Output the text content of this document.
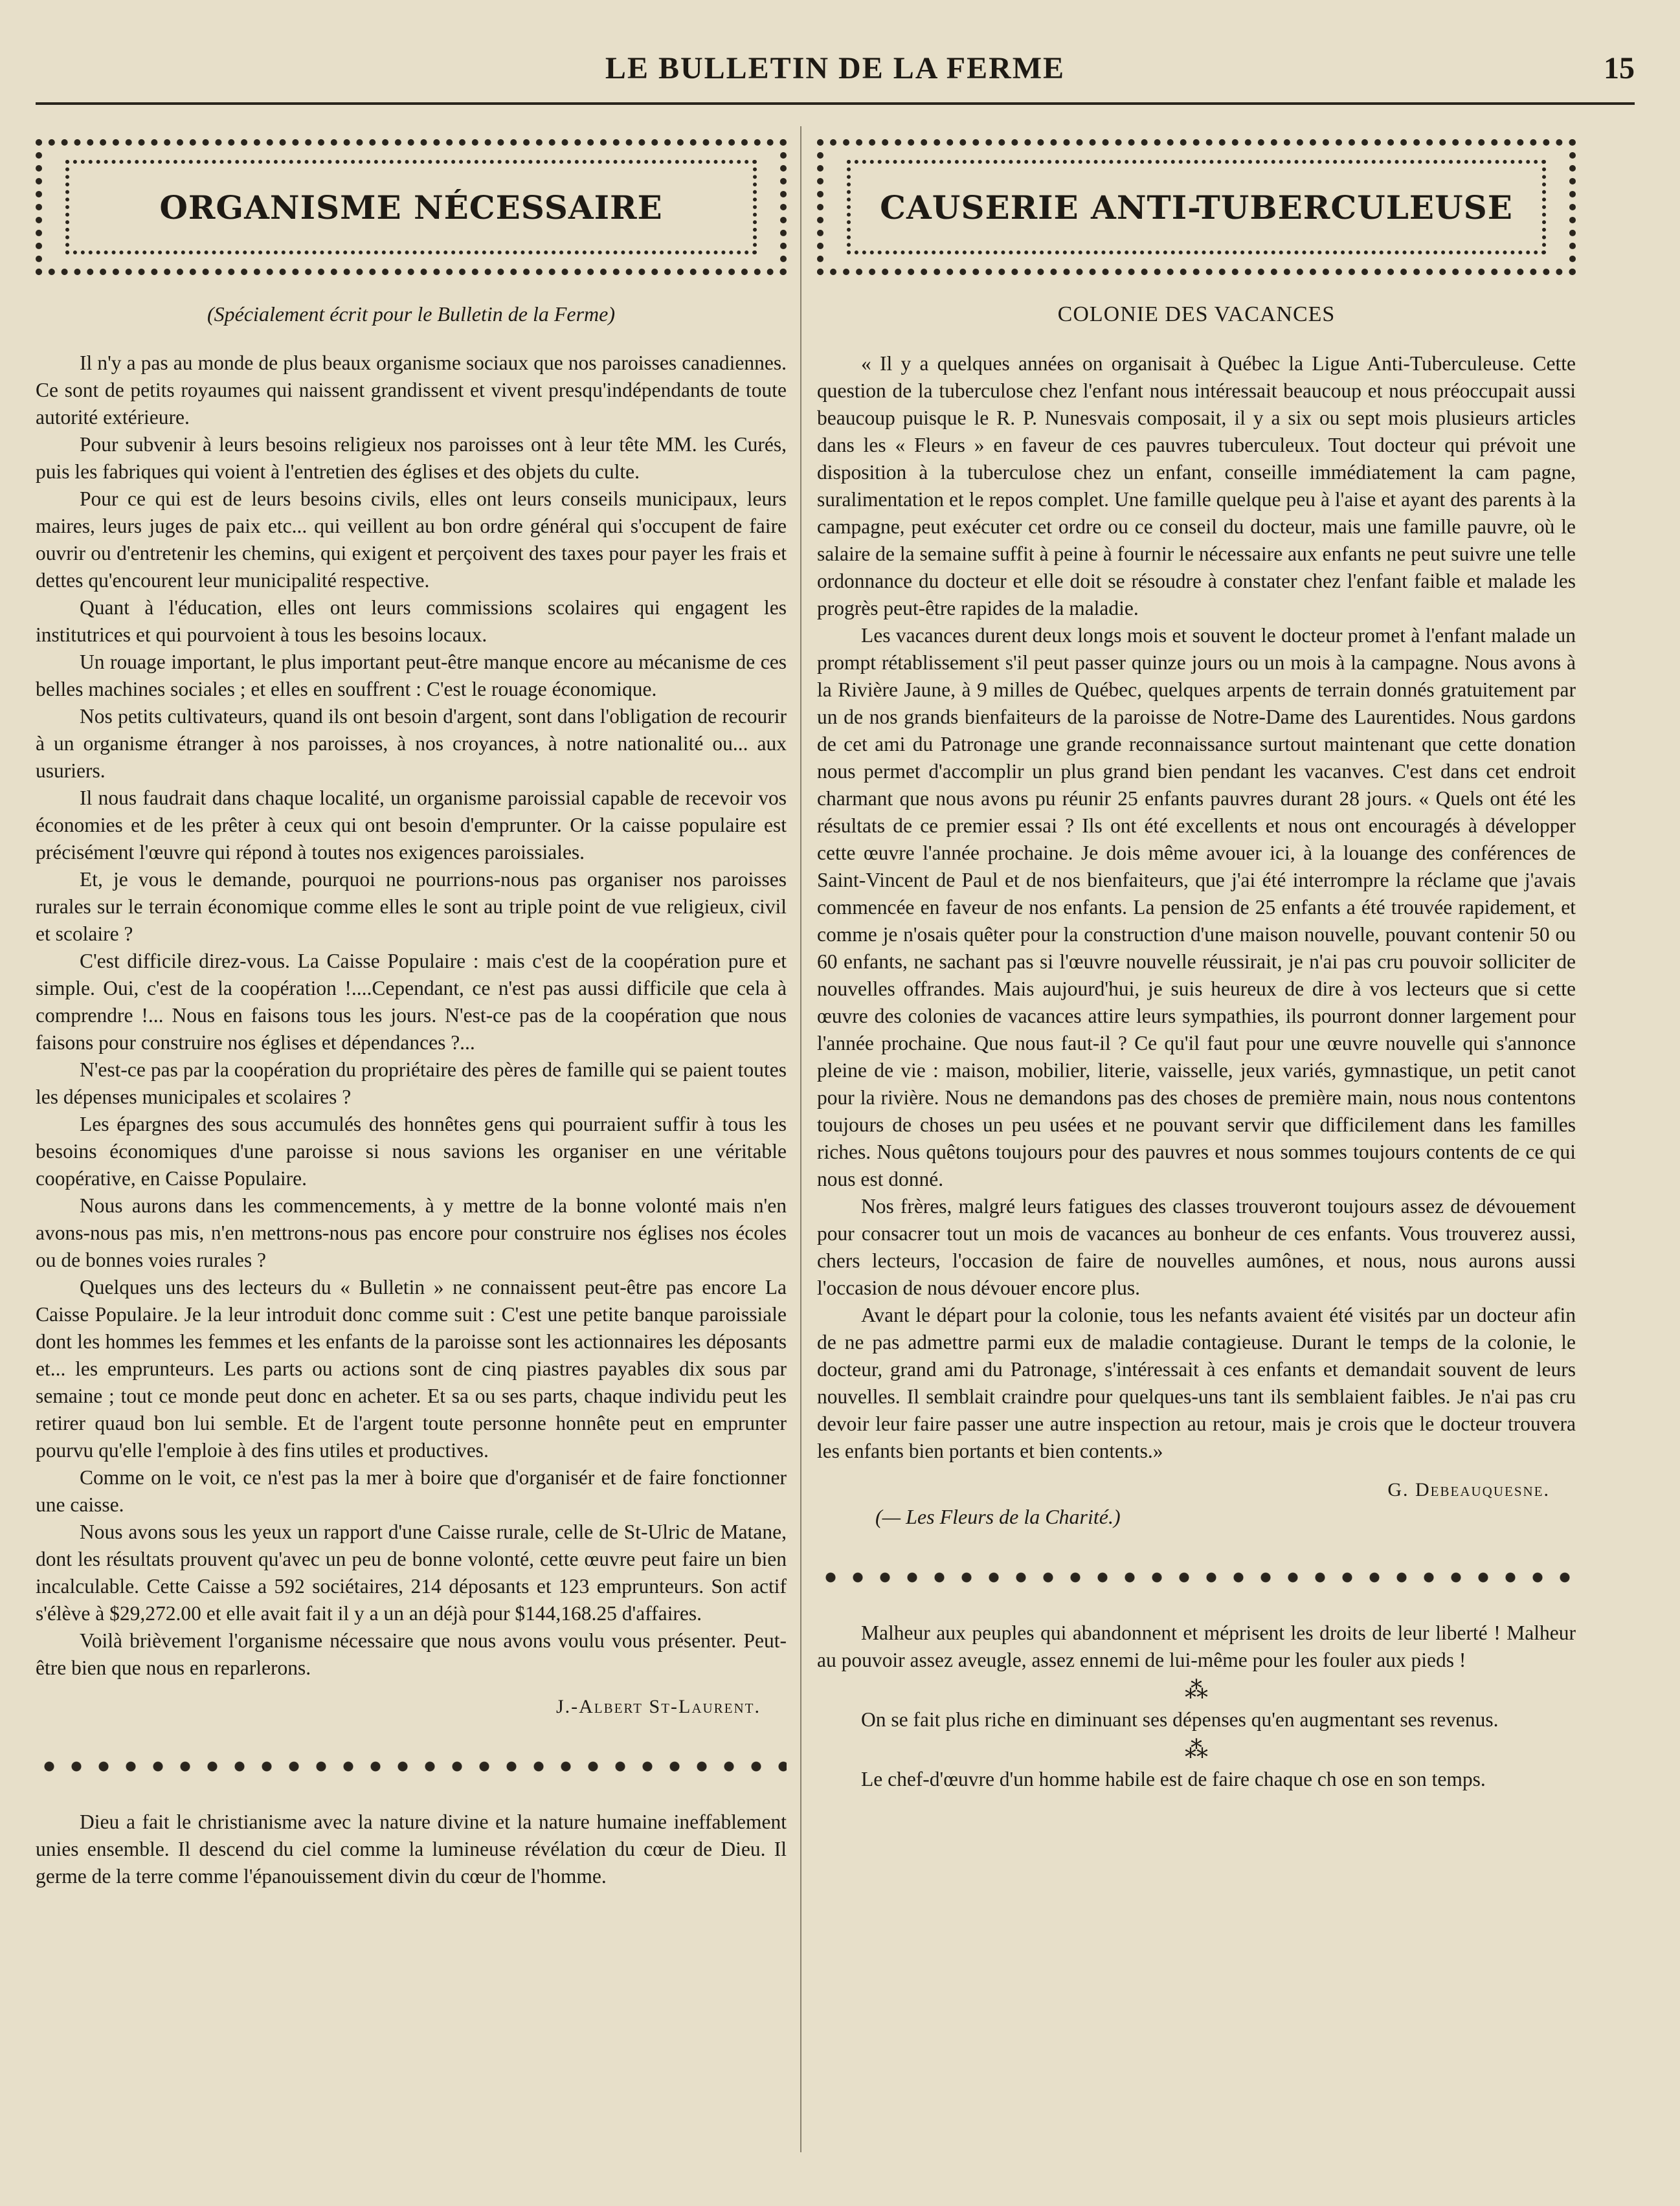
LE BULLETIN DE LA FERME	15
ORGANISME NÉCESSAIRE

(Spécialement écrit pour le Bulletin de la Ferme)

Il n'y a pas au monde de plus beaux organisme sociaux que nos paroisses canadiennes. Ce sont de petits royaumes qui naissent grandissent et vivent presqu'indépendants de toute autorité extérieure.

Pour subvenir à leurs besoins religieux nos paroisses ont à leur tête MM. les Curés, puis les fabriques qui voient à l'entretien des églises et des objets du culte.

Pour ce qui est de leurs besoins civils, elles ont leurs conseils municipaux, leurs maires, leurs juges de paix etc... qui veillent au bon ordre général qui s'occupent de faire ouvrir ou d'entretenir les chemins, qui exigent et perçoivent des taxes pour payer les frais et dettes qu'encourent leur municipalité respective.

Quant à l'éducation, elles ont leurs commissions scolaires qui engagent les institutrices et qui pourvoient à tous les besoins locaux.

Un rouage important, le plus important peut-être manque encore au mécanisme de ces belles machines sociales ; et elles en souffrent : C'est le rouage économique.

Nos petits cultivateurs, quand ils ont besoin d'argent, sont dans l'obligation de recourir à un organisme étranger à nos paroisses, à nos croyances, à notre nationalité ou... aux usuriers.

Il nous faudrait dans chaque localité, un organisme paroissial capable de recevoir vos économies et de les prêter à ceux qui ont besoin d'emprunter. Or la caisse populaire est précisément l'œuvre qui répond à toutes nos exigences paroissiales.

Et, je vous le demande, pourquoi ne pourrions-nous pas organiser nos paroisses rurales sur le terrain économique comme elles le sont au triple point de vue religieux, civil et scolaire ?

C'est difficile direz-vous. La Caisse Populaire : mais c'est de la coopération pure et simple. Oui, c'est de la coopération !....Cependant, ce n'est pas aussi difficile que cela à comprendre !... Nous en faisons tous les jours. N'est-ce pas de la coopération que nous faisons pour construire nos églises et dépendances ?...

N'est-ce pas par la coopération du propriétaire des pères de famille qui se paient toutes les dépenses municipales et scolaires ?

Les épargnes des sous accumulés des honnêtes gens qui pourraient suffir à tous les besoins économiques d'une paroisse si nous savions les organiser en une véritable coopérative, en Caisse Populaire.

Nous aurons dans les commencements, à y mettre de la bonne volonté mais n'en avons-nous pas mis, n'en mettrons-nous pas encore pour construire nos églises nos écoles ou de bonnes voies rurales ?

Quelques uns des lecteurs du « Bulletin » ne connaissent peut-être pas encore La Caisse Populaire. Je la leur introduit donc comme suit : C'est une petite banque paroissiale dont les hommes les femmes et les enfants de la paroisse sont les actionnaires les déposants et... les emprunteurs. Les parts ou actions sont de cinq piastres payables dix sous par semaine ; tout ce monde peut donc en acheter. Et sa ou ses parts, chaque individu peut les retirer quaud bon lui semble. Et de l'argent toute personne honnête peut en emprunter pourvu qu'elle l'emploie à des fins utiles et productives.

Comme on le voit, ce n'est pas la mer à boire que d'organisér et de faire fonctionner une caisse.

Nous avons sous les yeux un rapport d'une Caisse rurale, celle de St-Ulric de Matane, dont les résultats prouvent qu'avec un peu de bonne volonté, cette œuvre peut faire un bien incalculable. Cette Caisse a 592 sociétaires, 214 déposants et 123 emprunteurs. Son actif s'élève à $29,272.00 et elle avait fait il y a un an déjà pour $144,168.25 d'affaires.

Voilà brièvement l'organisme nécessaire que nous avons voulu vous présenter. Peut-être bien que nous en reparlerons.

J.-Albert St-Laurent.

Dieu a fait le christianisme avec la nature divine et la nature humaine ineffablement unies ensemble. Il descend du ciel comme la lumineuse révélation du cœur de Dieu. Il germe de la terre comme l'épanouissement divin du cœur de l'homme.

CAUSERIE ANTI-TUBERCULEUSE

COLONIE DES VACANCES

« Il y a quelques années on organisait à Québec la Ligue Anti-Tuberculeuse. Cette question de la tuberculose chez l'enfant nous intéressait beaucoup et nous préoccupait aussi beaucoup puisque le R. P. Nunesvais composait, il y a six ou sept mois plusieurs articles dans les « Fleurs » en faveur de ces pauvres tuberculeux. Tout docteur qui prévoit une disposition à la tuberculose chez un enfant, conseille immédiatement la cam pagne, suralimentation et le repos complet. Une famille quelque peu à l'aise et ayant des parents à la campagne, peut exécuter cet ordre ou ce conseil du docteur, mais une famille pauvre, où le salaire de la semaine suffit à peine à fournir le nécessaire aux enfants ne peut suivre une telle ordonnance du docteur et elle doit se résoudre à constater chez l'enfant faible et malade les progrès peut-être rapides de la maladie.

Les vacances durent deux longs mois et souvent le docteur promet à l'enfant malade un prompt rétablissement s'il peut passer quinze jours ou un mois à la campagne. Nous avons à la Rivière Jaune, à 9 milles de Québec, quelques arpents de terrain donnés gratuitement par un de nos grands bienfaiteurs de la paroisse de Notre-Dame des Laurentides. Nous gardons de cet ami du Patronage une grande reconnaissance surtout maintenant que cette donation nous permet d'accomplir un plus grand bien pendant les vacanves. C'est dans cet endroit charmant que nous avons pu réunir 25 enfants pauvres durant 28 jours. « Quels ont été les résultats de ce premier essai ? Ils ont été excellents et nous ont encouragés à développer cette œuvre l'année prochaine. Je dois même avouer ici, à la louange des conférences de Saint-Vincent de Paul et de nos bienfaiteurs, que j'ai été interrompre la réclame que j'avais commencée en faveur de nos enfants. La pension de 25 enfants a été trouvée rapidement, et comme je n'osais quêter pour la construction d'une maison nouvelle, pouvant contenir 50 ou 60 enfants, ne sachant pas si l'œuvre nouvelle réussirait, je n'ai pas cru pouvoir solliciter de nouvelles offrandes. Mais aujourd'hui, je suis heureux de dire à vos lecteurs que si cette œuvre des colonies de vacances attire leurs sympathies, ils pourront donner largement pour l'année prochaine. Que nous faut-il ? Ce qu'il faut pour une œuvre nouvelle qui s'annonce pleine de vie : maison, mobilier, literie, vaisselle, jeux variés, gymnastique, un petit canot pour la rivière. Nous ne demandons pas des choses de première main, nous nous contentons toujours de choses un peu usées et ne pouvant servir que difficilement dans les familles riches. Nous quêtons toujours pour des pauvres et nous sommes toujours contents de ce qui nous est donné.

Nos frères, malgré leurs fatigues des classes trouveront toujours assez de dévouement pour consacrer tout un mois de vacances au bonheur de ces enfants. Vous trouverez aussi, chers lecteurs, l'occasion de faire de nouvelles aumônes, et nous, nous aurons aussi l'occasion de nous dévouer encore plus.

Avant le départ pour la colonie, tous les nefants avaient été visités par un docteur afin de ne pas admettre parmi eux de maladie contagieuse. Durant le temps de la colonie, le docteur, grand ami du Patronage, s'intéressait à ces enfants et demandait souvent de leurs nouvelles. Il semblait craindre pour quelques-uns tant ils semblaient faibles. Je n'ai pas cru devoir leur faire passer une autre inspection au retour, mais je crois que le docteur trouvera les enfants bien portants et bien contents.»

G. Debeauquesne.
(— Les Fleurs de la Charité.)

Malheur aux peuples qui abandonnent et méprisent les droits de leur liberté ! Malheur au pouvoir assez aveugle, assez ennemi de lui-même pour les fouler aux pieds !

⁂

On se fait plus riche en diminuant ses dépenses qu'en augmentant ses revenus.

⁂

Le chef-d'œuvre d'un homme habile est de faire chaque ch ose en son temps.
